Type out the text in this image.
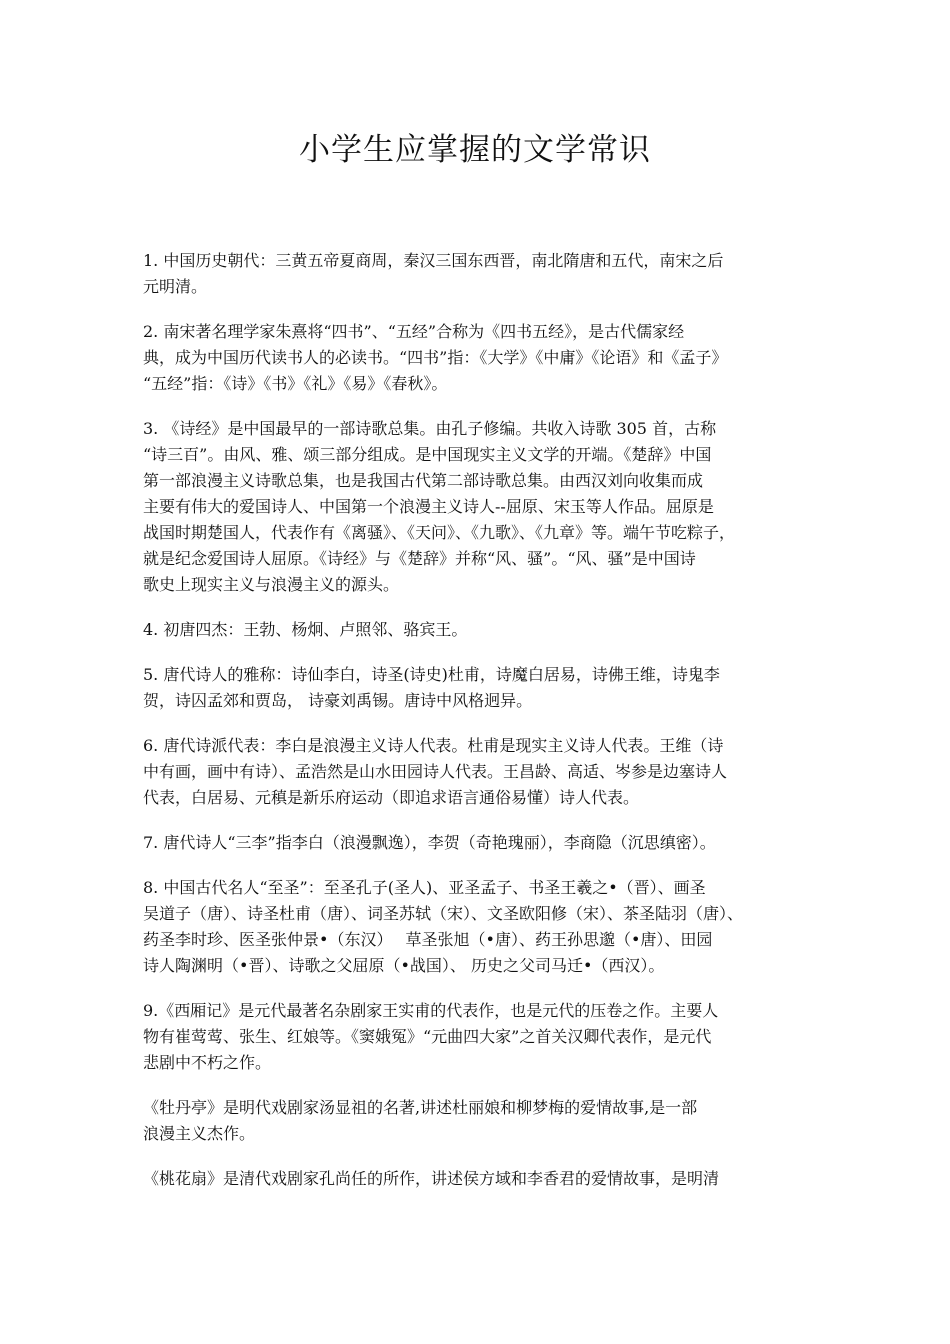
小学生应掌握的文学常识

1. 中国历史朝代：三黄五帝夏商周，秦汉三国东西晋，南北隋唐和五代，南宋之后
元明清。

2. 南宋著名理学家朱熹将“四书”、“五经”合称为《四书五经》，是古代儒家经
典，成为中国历代读书人的必读书。“四书”指：《大学》《中庸》《论语》和《孟子》
“五经”指：《诗》《书》《礼》《易》《春秋》。

3. 《诗经》是中国最早的一部诗歌总集。由孔子修编。共收入诗歌 305 首，古称
“诗三百”。由风、雅、颂三部分组成。是中国现实主义文学的开端。《楚辞》中国
第一部浪漫主义诗歌总集，也是我国古代第二部诗歌总集。由西汉刘向收集而成
主要有伟大的爱国诗人、中国第一个浪漫主义诗人--屈原、宋玉等人作品。屈原是
战国时期楚国人，代表作有《离骚》、《天问》、《九歌》、《九章》等。端午节吃粽子，
就是纪念爱国诗人屈原。《诗经》与《楚辞》并称“风、骚”。“风、骚”是中国诗
歌史上现实主义与浪漫主义的源头。

4. 初唐四杰：王勃、杨炯、卢照邻、骆宾王。

5. 唐代诗人的雅称：诗仙李白，诗圣(诗史)杜甫，诗魔白居易，诗佛王维，诗鬼李
贺，诗囚孟郊和贾岛， 诗豪刘禹锡。唐诗中风格迥异。

6. 唐代诗派代表：李白是浪漫主义诗人代表。杜甫是现实主义诗人代表。王维（诗
中有画，画中有诗）、孟浩然是山水田园诗人代表。王昌龄、高适、岑参是边塞诗人
代表，白居易、元稹是新乐府运动（即追求语言通俗易懂）诗人代表。

7. 唐代诗人“三李”指李白（浪漫飘逸），李贺（奇艳瑰丽），李商隐（沉思缜密）。

8. 中国古代名人“至圣”：至圣孔子(圣人)、亚圣孟子、书圣王羲之•（晋）、画圣
吴道子（唐）、诗圣杜甫（唐）、词圣苏轼（宋）、文圣欧阳修（宋）、茶圣陆羽（唐）、
药圣李时珍、医圣张仲景•（东汉）　 草圣张旭（•唐）、药王孙思邈（•唐）、田园
诗人陶渊明（•晋）、诗歌之父屈原（•战国）、 历史之父司马迁•（西汉）。

9.《西厢记》是元代最著名杂剧家王实甫的代表作，也是元代的压卷之作。主要人
物有崔莺莺、张生、红娘等。《窦娥冤》“元曲四大家”之首关汉卿代表作，是元代
悲剧中不朽之作。

《牡丹亭》是明代戏剧家汤显祖的名著,讲述杜丽娘和柳梦梅的爱情故事,是一部
浪漫主义杰作。

《桃花扇》是清代戏剧家孔尚任的所作，讲述侯方域和李香君的爱情故事，是明清
